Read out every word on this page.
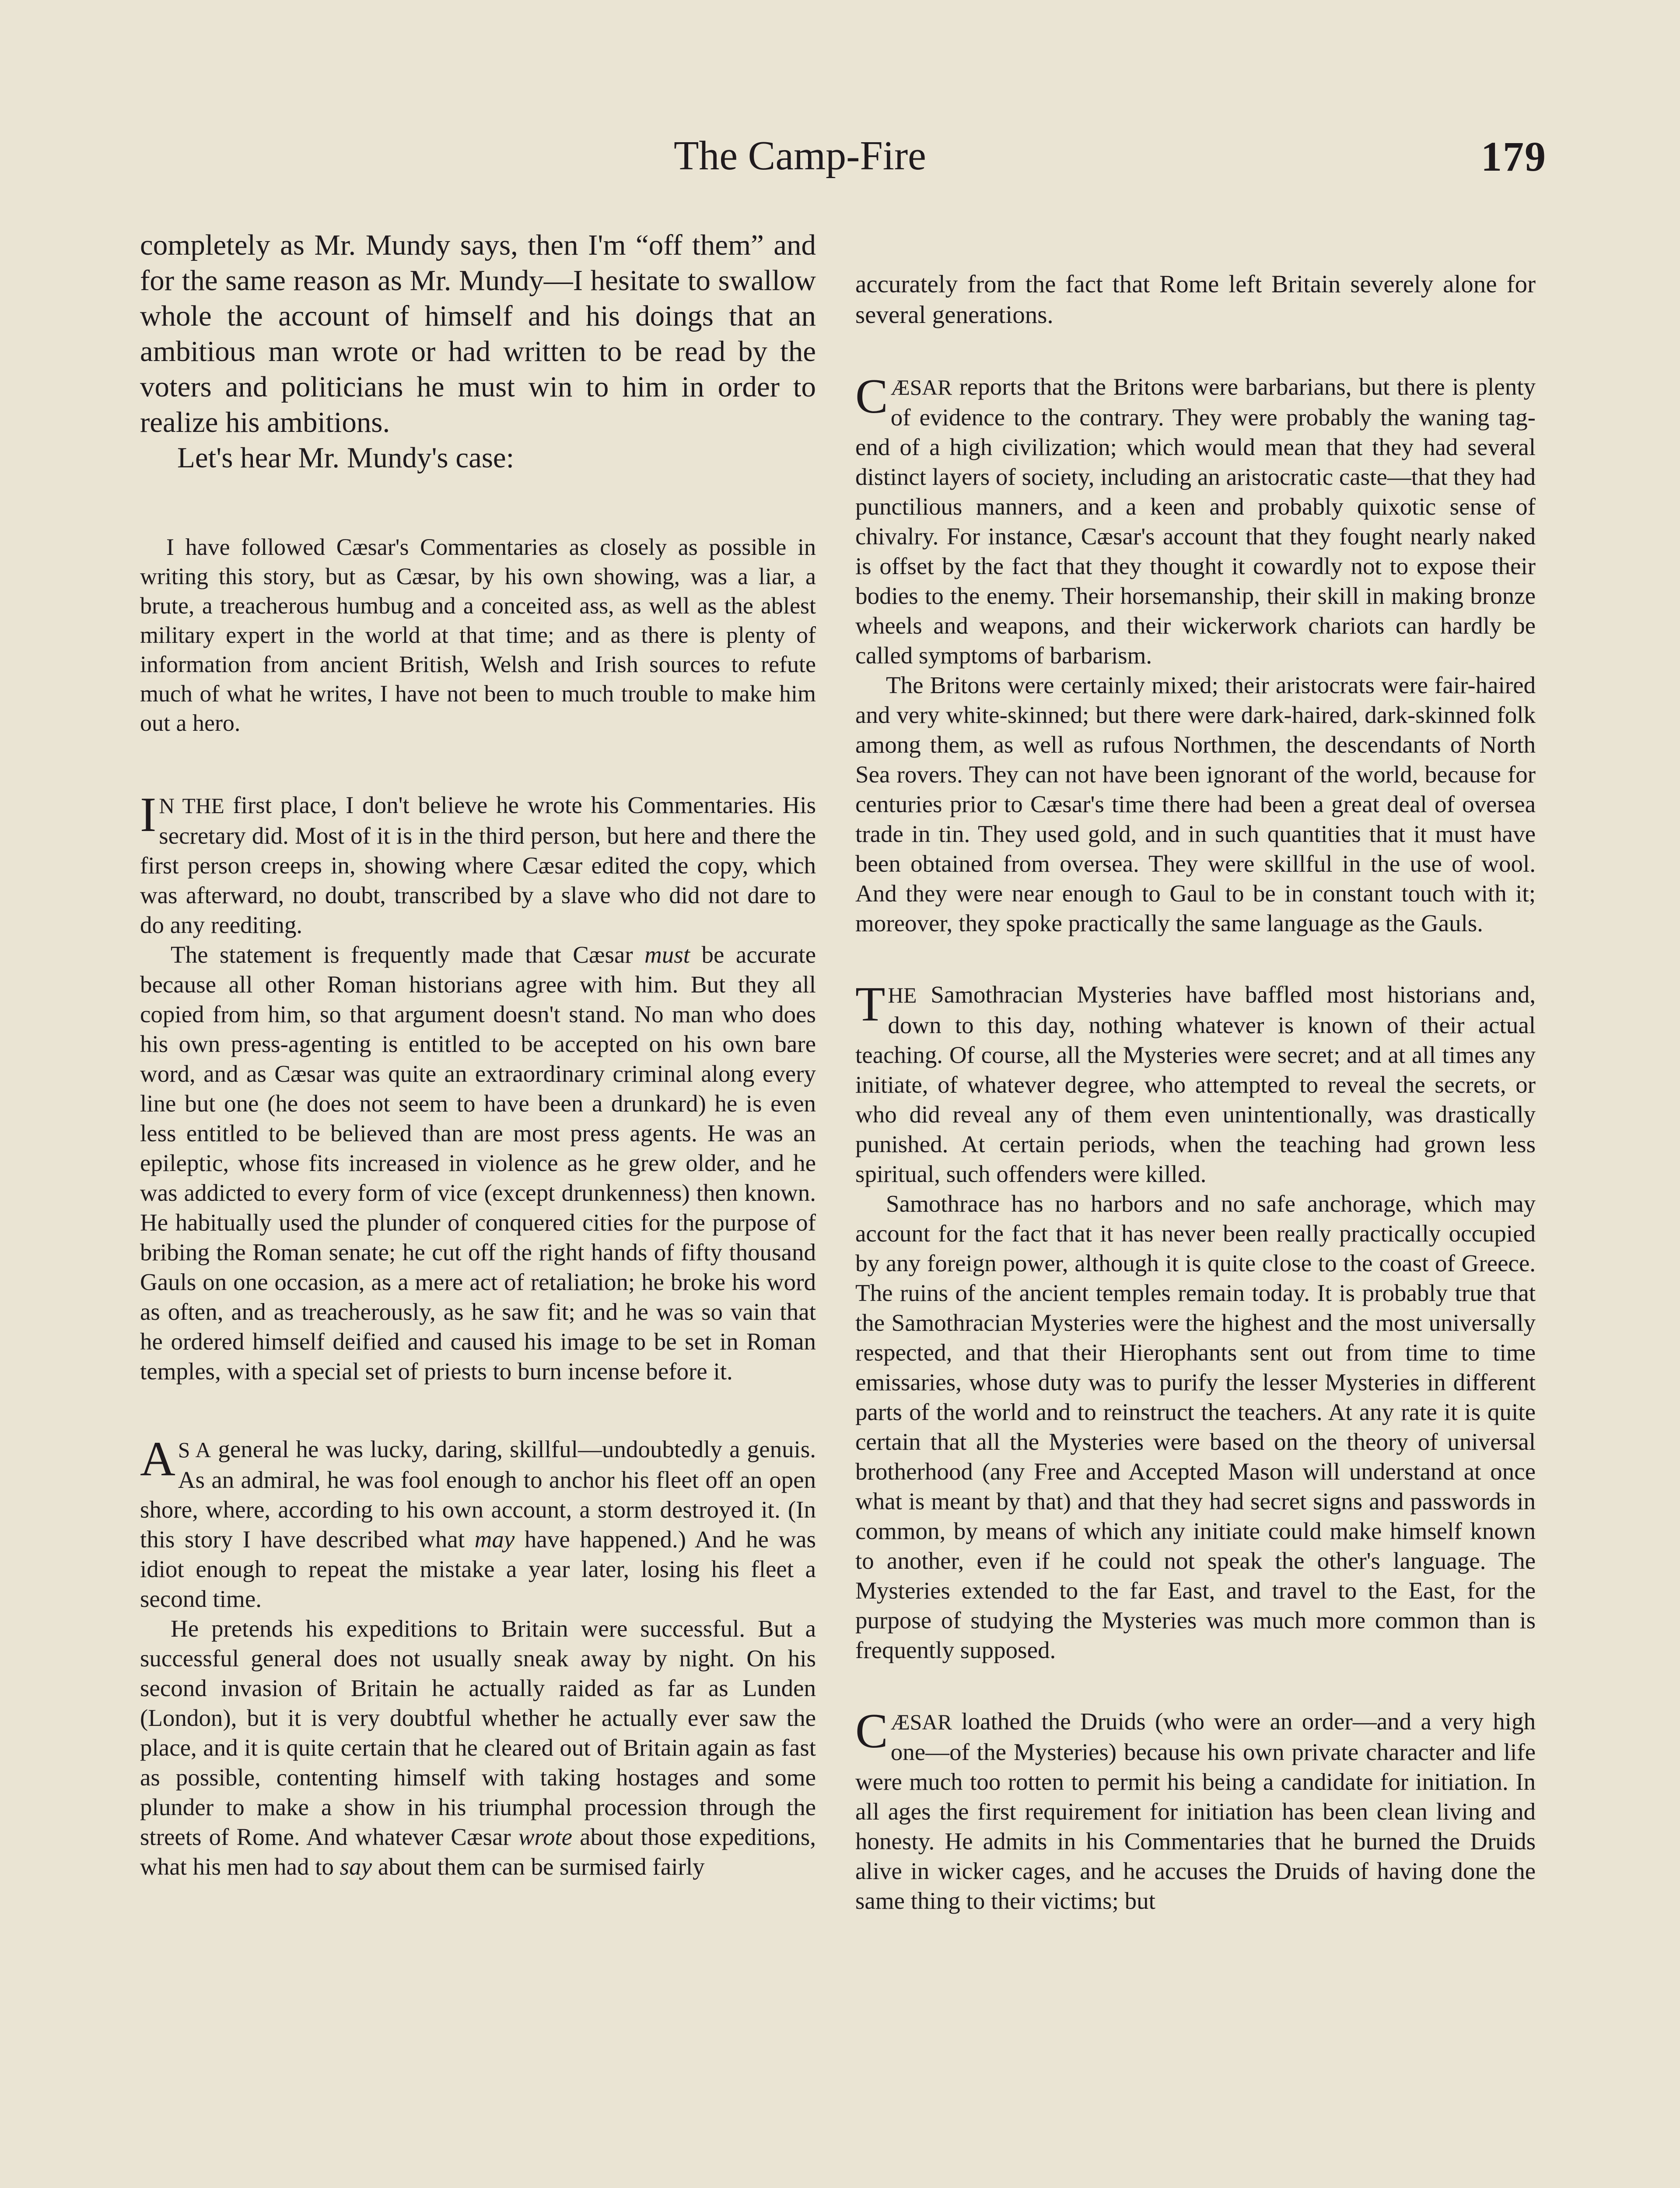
The Camp-Fire	179

completely as Mr. Mundy says, then I'm “off them” and for the same reason as Mr. Mundy—I hesitate to swallow whole the account of himself and his doings that an ambitious man wrote or had written to be read by the voters and politicians he must win to him in order to realize his ambitions.

Let's hear Mr. Mundy's case:

I have followed Cæsar's Commentaries as closely as possible in writing this story, but as Cæsar, by his own showing, was a liar, a brute, a treacherous humbug and a conceited ass, as well as the ablest military expert in the world at that time; and as there is plenty of information from ancient British, Welsh and Irish sources to refute much of what he writes, I have not been to much trouble to make him out a hero.

I N THE first place, I don't believe he wrote his Commentaries. His secretary did. Most of it is in the third person, but here and there the first person creeps in, showing where Cæsar edited the copy, which was afterward, no doubt, transcribed by a slave who did not dare to do any reediting.

The statement is frequently made that Cæsar must be accurate because all other Roman historians agree with him. But they all copied from him, so that argument doesn't stand. No man who does his own press-agenting is entitled to be accepted on his own bare word, and as Cæsar was quite an extraordinary criminal along every line but one (he does not seem to have been a drunkard) he is even less entitled to be believed than are most press agents. He was an epileptic, whose fits increased in violence as he grew older, and he was addicted to every form of vice (except drunkenness) then known. He habitually used the plunder of conquered cities for the purpose of bribing the Roman senate; he cut off the right hands of fifty thousand Gauls on one occasion, as a mere act of retaliation; he broke his word as often, and as treacherously, as he saw fit; and he was so vain that he ordered himself deified and caused his image to be set in Roman temples, with a special set of priests to burn incense before it.

A S A general he was lucky, daring, skillful—undoubtedly a genuis. As an admiral, he was fool enough to anchor his fleet off an open shore, where, according to his own account, a storm destroyed it. (In this story I have described what may have happened.) And he was idiot enough to repeat the mistake a year later, losing his fleet a second time.

He pretends his expeditions to Britain were successful. But a successful general does not usually sneak away by night. On his second invasion of Britain he actually raided as far as Lunden (London), but it is very doubtful whether he actually ever saw the place, and it is quite certain that he cleared out of Britain again as fast as possible, contenting himself with taking hostages and some plunder to make a show in his triumphal procession through the streets of Rome. And whatever Cæsar wrote about those expeditions, what his men had to say about them can be surmised fairly

accurately from the fact that Rome left Britain severely alone for several generations.

CÆSAR reports that the Britons were barbarians, but there is plenty of evidence to the contrary. They were probably the waning tag-end of a high civilization; which would mean that they had several distinct layers of society, including an aristocratic caste—that they had punctilious manners, and a keen and probably quixotic sense of chivalry. For instance, Cæsar's account that they fought nearly naked is offset by the fact that they thought it cowardly not to expose their bodies to the enemy. Their horsemanship, their skill in making bronze wheels and weapons, and their wickerwork chariots can hardly be called symptoms of barbarism.

The Britons were certainly mixed; their aristocrats were fair-haired and very white-skinned; but there were dark-haired, dark-skinned folk among them, as well as rufous Northmen, the descendants of North Sea rovers. They can not have been ignorant of the world, because for centuries prior to Cæsar's time there had been a great deal of oversea trade in tin. They used gold, and in such quantities that it must have been obtained from oversea. They were skillful in the use of wool. And they were near enough to Gaul to be in constant touch with it; moreover, they spoke practically the same language as the Gauls.

THE Samothracian Mysteries have baffled most historians and, down to this day, nothing whatever is known of their actual teaching. Of course, all the Mysteries were secret; and at all times any initiate, of whatever degree, who attempted to reveal the secrets, or who did reveal any of them even unintentionally, was drastically punished. At certain periods, when the teaching had grown less spiritual, such offenders were killed.

Samothrace has no harbors and no safe anchorage, which may account for the fact that it has never been really practically occupied by any foreign power, although it is quite close to the coast of Greece. The ruins of the ancient temples remain today. It is probably true that the Samothracian Mysteries were the highest and the most universally respected, and that their Hierophants sent out from time to time emissaries, whose duty was to purify the lesser Mysteries in different parts of the world and to reinstruct the teachers. At any rate it is quite certain that all the Mysteries were based on the theory of universal brotherhood (any Free and Accepted Mason will understand at once what is meant by that) and that they had secret signs and passwords in common, by means of which any initiate could make himself known to another, even if he could not speak the other's language. The Mysteries extended to the far East, and travel to the East, for the purpose of studying the Mysteries was much more common than is frequently supposed.

CÆSAR loathed the Druids (who were an order—and a very high one—of the Mysteries) because his own private character and life were much too rotten to permit his being a candidate for initiation. In all ages the first requirement for initiation has been clean living and honesty. He admits in his Commentaries that he burned the Druids alive in wicker cages, and he accuses the Druids of having done the same thing to their victims; but
